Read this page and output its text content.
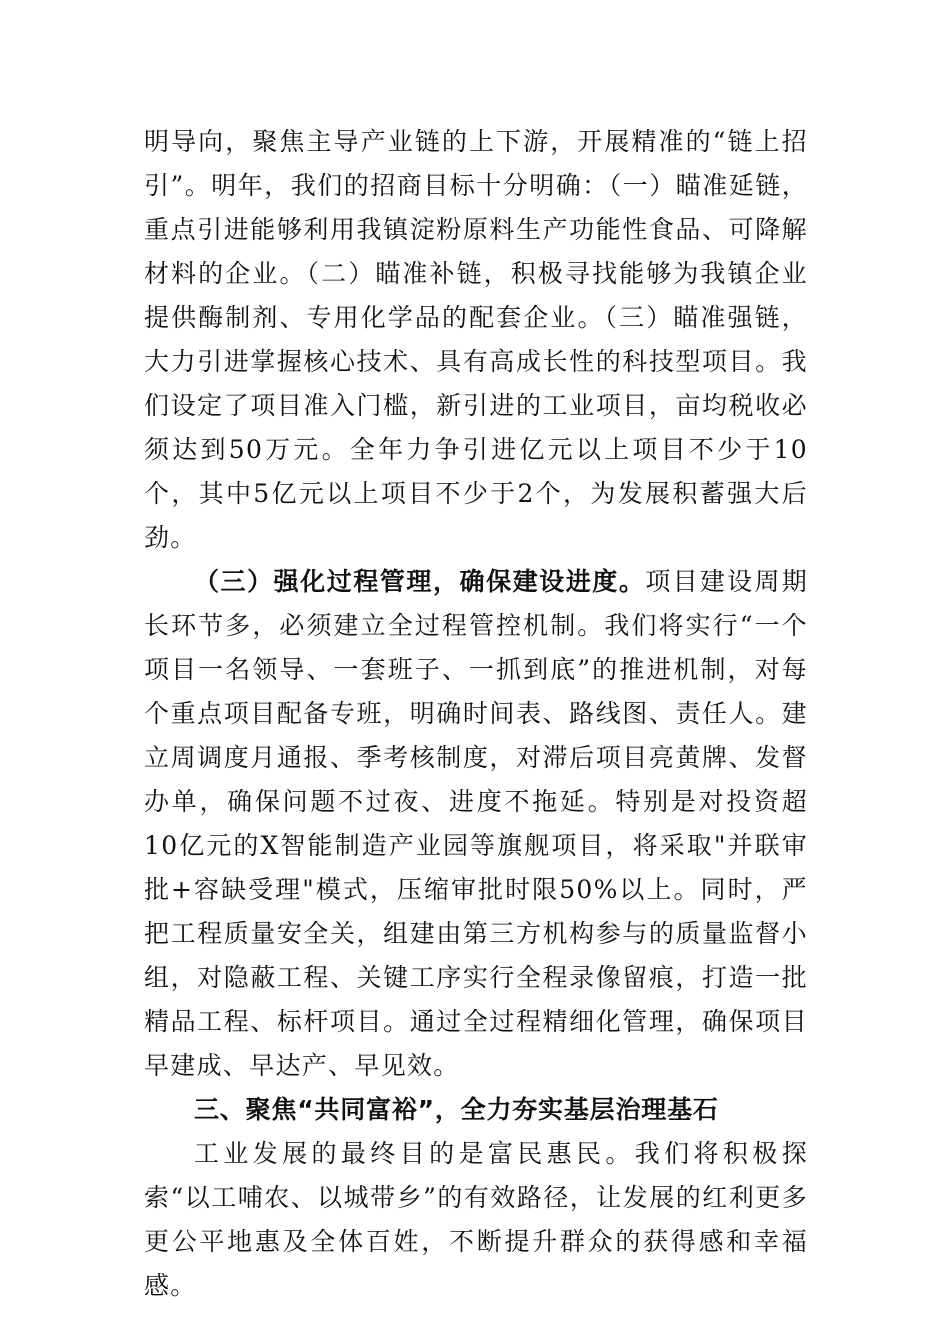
明导向，聚焦主导产业链的上下游，开展精准的“链上招引”。明年，我们的招商目标十分明确：（一）瞄准延链，重点引进能够利用我镇淀粉原料生产功能性食品、可降解材料的企业。（二）瞄准补链，积极寻找能够为我镇企业提供酶制剂、专用化学品的配套企业。（三）瞄准强链，大力引进掌握核心技术、具有高成长性的科技型项目。我们设定了项目准入门槛，新引进的工业项目，亩均税收必须达到50万元。全年力争引进亿元以上项目不少于10个，其中5亿元以上项目不少于2个，为发展积蓄强大后劲。

（三）强化过程管理，确保建设进度。项目建设周期长环节多，必须建立全过程管控机制。我们将实行“一个项目一名领导、一套班子、一抓到底”的推进机制，对每个重点项目配备专班，明确时间表、路线图、责任人。建立周调度月通报、季考核制度，对滞后项目亮黄牌、发督办单，确保问题不过夜、进度不拖延。特别是对投资超10亿元的X智能制造产业园等旗舰项目，将采取"并联审批+容缺受理"模式，压缩审批时限50%以上。同时，严把工程质量安全关，组建由第三方机构参与的质量监督小组，对隐蔽工程、关键工序实行全程录像留痕，打造一批精品工程、标杆项目。通过全过程精细化管理，确保项目早建成、早达产、早见效。

三、聚焦“共同富裕”，全力夯实基层治理基石

工业发展的最终目的是富民惠民。我们将积极探索“以工哺农、以城带乡”的有效路径，让发展的红利更多更公平地惠及全体百姓，不断提升群众的获得感和幸福感。
